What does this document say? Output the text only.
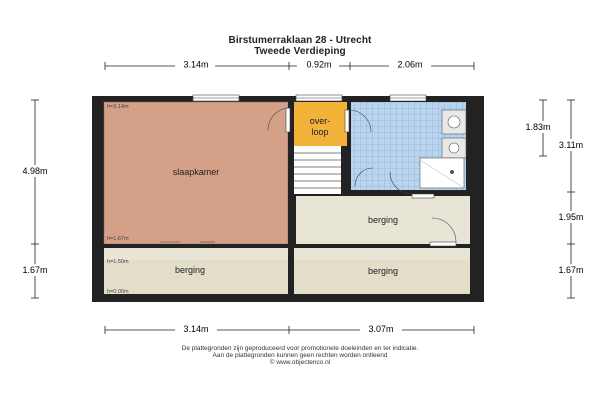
Birstumerraklaan 28 - Utrecht
Tweede Verdieping
3.14m	0.92m	2.06m
4.98m
1.67m
1.83m
3.11m
1.95m
1.67m
3.14m	3.07m
slaapkamer
over-
loop
berging
berging	berging
h=3.14m
h=1.67m
h=1.50m
h=0.00m
De plattegronden zijn geproduceerd voor promotionele doeleinden en ter indicatie.
Aan de plattegronden kunnen geen rechten worden ontleend
© www.objectenco.nl
